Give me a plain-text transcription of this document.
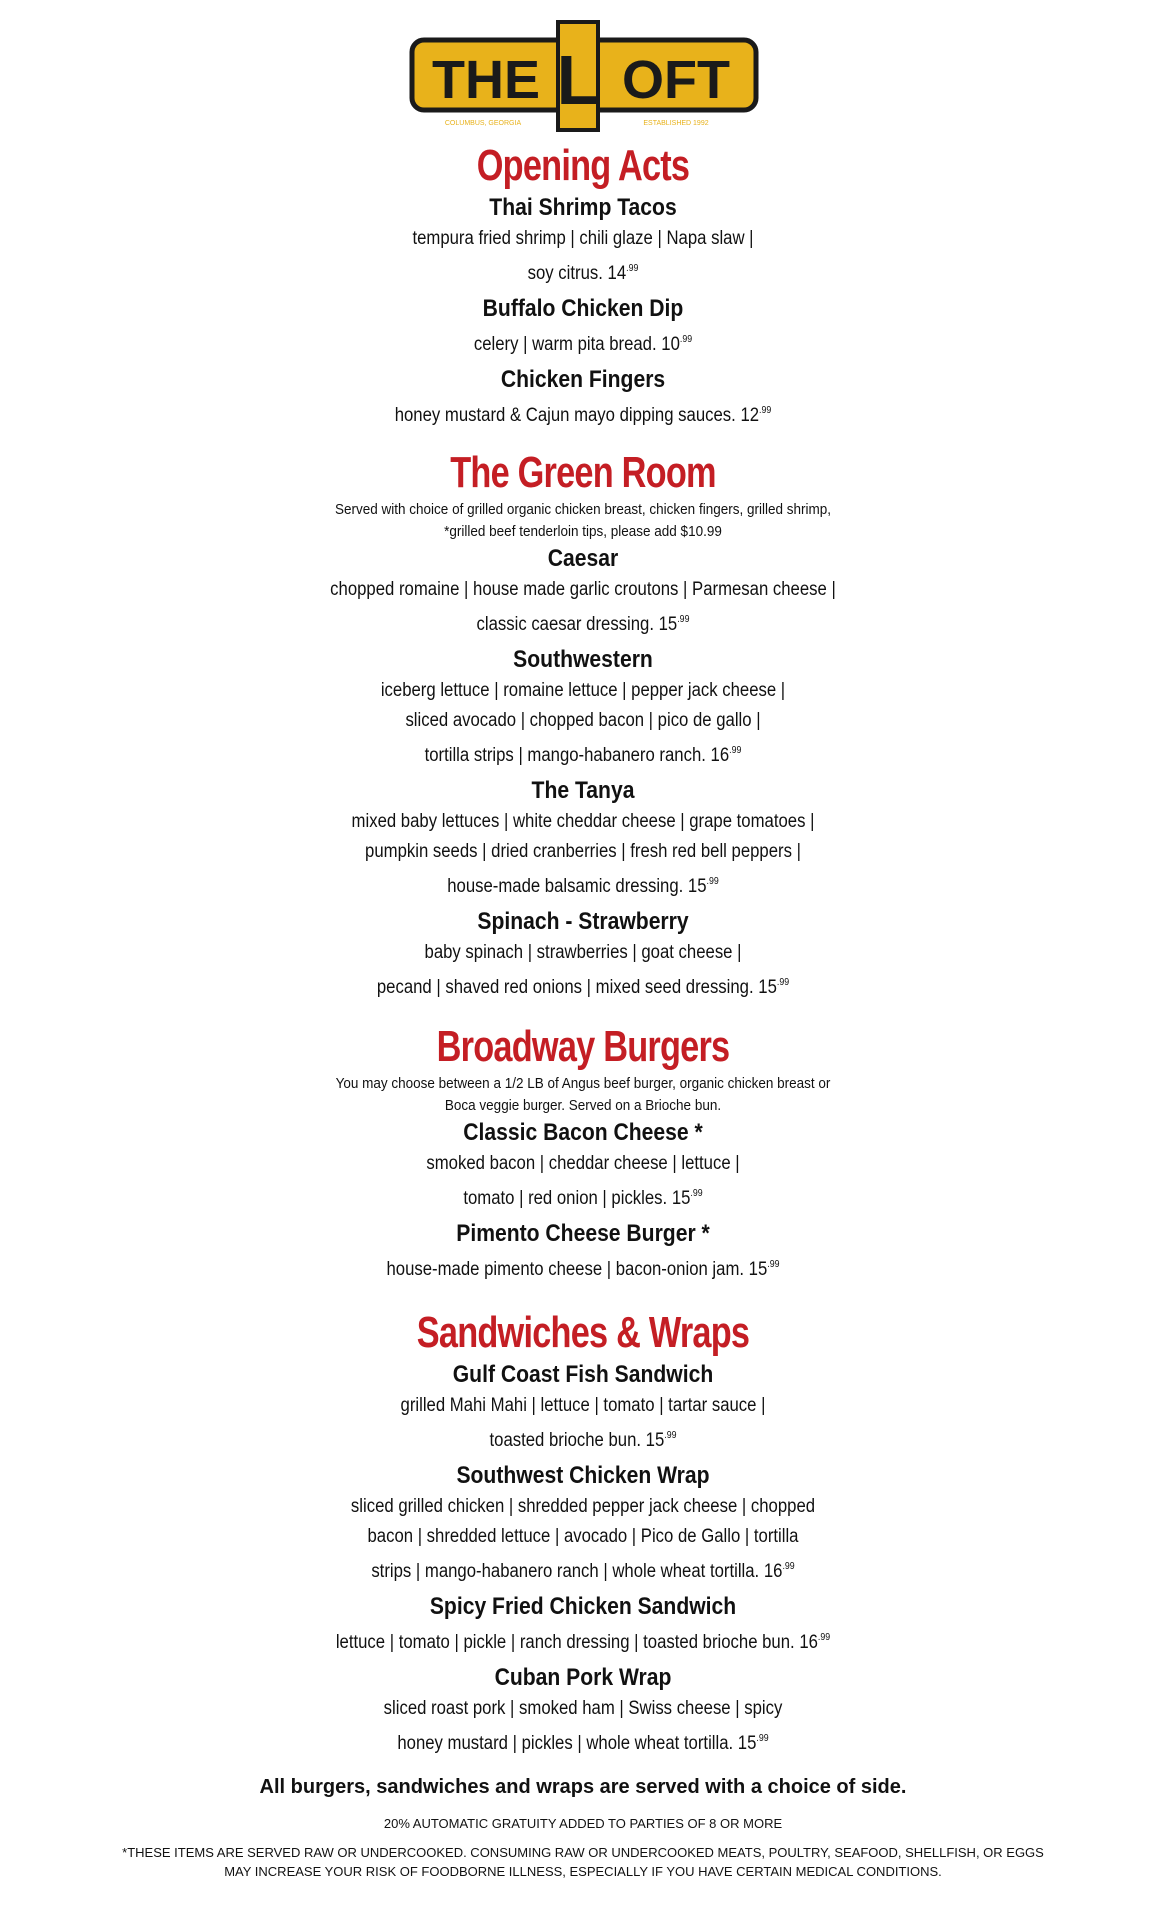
THE L OFT
COLUMBUS, GEORGIA	ESTABLISHED 1992
Opening Acts

Thai Shrimp Tacos

tempura fried shrimp | chili glaze | Napa slaw |

soy citrus. $14^{.99}$

Buffalo Chicken Dip

celery | warm pita bread. $10^{.99}$

Chicken Fingers

honey mustard & Cajun mayo dipping sauces. $12^{.99}$

The Green Room

Served with choice of grilled organic chicken breast, chicken fingers, grilled shrimp,

*grilled beef tenderloin tips, please add $10.99

Caesar

chopped romaine | house made garlic croutons | Parmesan cheese |

classic caesar dressing. $15^{.99}$

Southwestern

iceberg lettuce | romaine lettuce | pepper jack cheese |

sliced avocado | chopped bacon | pico de gallo |

tortilla strips | mango-habanero ranch. $16^{.99}$

The Tanya

mixed baby lettuces | white cheddar cheese | grape tomatoes |

pumpkin seeds | dried cranberries | fresh red bell peppers |

house-made balsamic dressing. $15^{.99}$

Spinach - Strawberry

baby spinach | strawberries | goat cheese |

pecand | shaved red onions | mixed seed dressing. $15^{.99}$

Broadway Burgers

You may choose between a 1/2 LB of Angus beef burger, organic chicken breast or

Boca veggie burger. Served on a Brioche bun.

Classic Bacon Cheese *

smoked bacon | cheddar cheese | lettuce |

tomato | red onion | pickles. $15^{.99}$

Pimento Cheese Burger *

house-made pimento cheese | bacon-onion jam. $15^{.99}$

Sandwiches & Wraps

Gulf Coast Fish Sandwich

grilled Mahi Mahi | lettuce | tomato | tartar sauce |

toasted brioche bun. $15^{.99}$

Southwest Chicken Wrap

sliced grilled chicken | shredded pepper jack cheese | chopped

bacon | shredded lettuce | avocado | Pico de Gallo | tortilla

strips | mango-habanero ranch | whole wheat tortilla. $16^{.99}$

Spicy Fried Chicken Sandwich

lettuce | tomato | pickle | ranch dressing | toasted brioche bun. $16^{.99}$

Cuban Pork Wrap

sliced roast pork | smoked ham | Swiss cheese | spicy

honey mustard | pickles | whole wheat tortilla. $15^{.99}$

All burgers, sandwiches and wraps are served with a choice of side.

20% AUTOMATIC GRATUITY ADDED TO PARTIES OF 8 OR MORE

*THESE ITEMS ARE SERVED RAW OR UNDERCOOKED. CONSUMING RAW OR UNDERCOOKED MEATS, POULTRY, SEAFOOD, SHELLFISH, OR EGGS

MAY INCREASE YOUR RISK OF FOODBORNE ILLNESS, ESPECIALLY IF YOU HAVE CERTAIN MEDICAL CONDITIONS.
